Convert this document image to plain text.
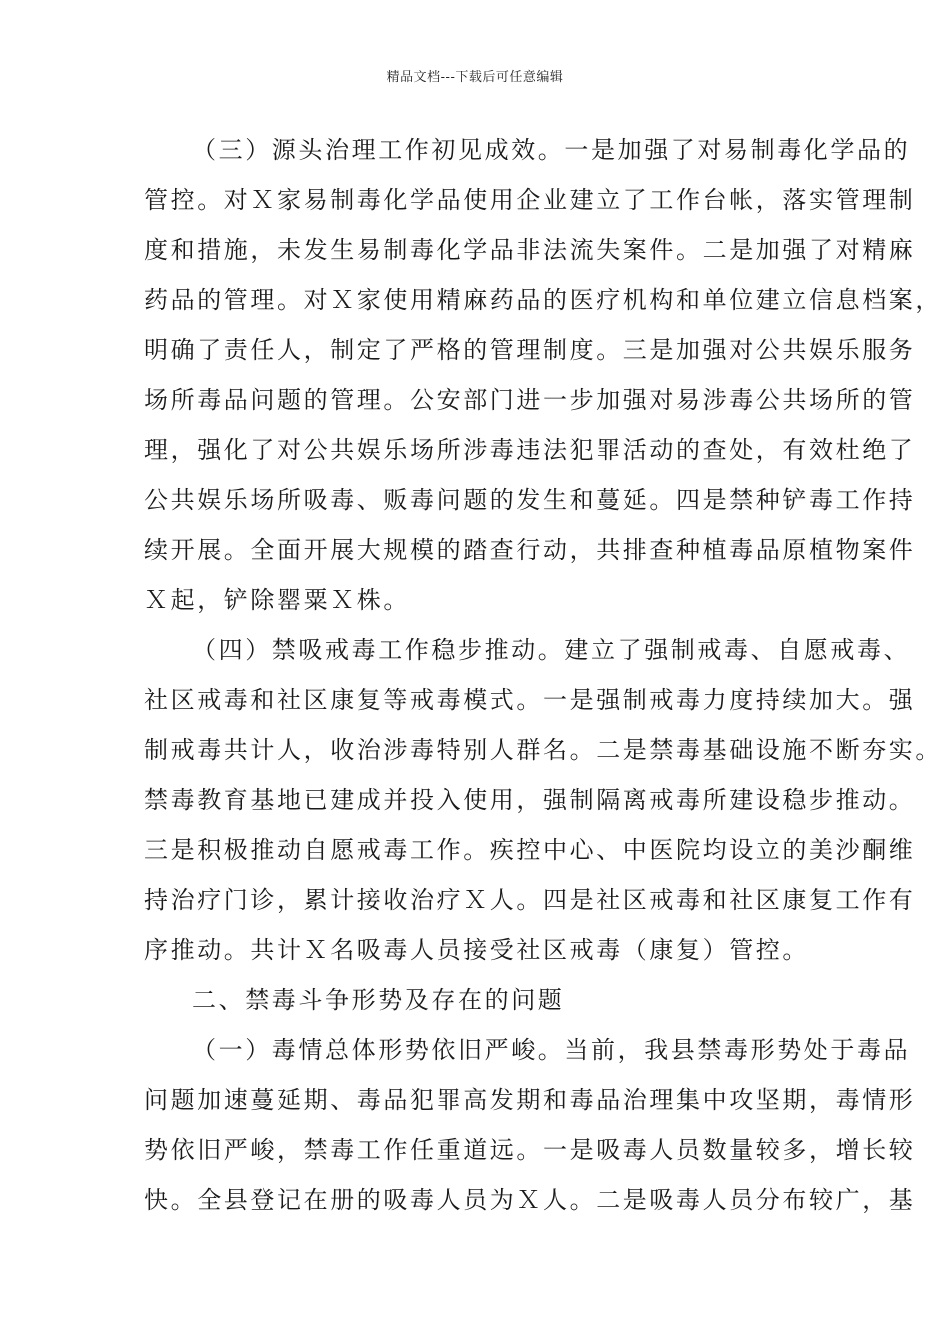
精品文档---下载后可任意编辑
（三）源头治理工作初见成效。一是加强了对易制毒化学品的
管控。对Ｘ家易制毒化学品使用企业建立了工作台帐，落实管理制
度和措施，未发生易制毒化学品非法流失案件。二是加强了对精麻
药品的管理。对Ｘ家使用精麻药品的医疗机构和单位建立信息档案，
明确了责任人，制定了严格的管理制度。三是加强对公共娱乐服务
场所毒品问题的管理。公安部门进一步加强对易涉毒公共场所的管
理，强化了对公共娱乐场所涉毒违法犯罪活动的查处，有效杜绝了
公共娱乐场所吸毒、贩毒问题的发生和蔓延。四是禁种铲毒工作持
续开展。全面开展大规模的踏查行动，共排查种植毒品原植物案件
Ｘ起，铲除罂粟Ｘ株。
（四）禁吸戒毒工作稳步推动。建立了强制戒毒、自愿戒毒、
社区戒毒和社区康复等戒毒模式。一是强制戒毒力度持续加大。强
制戒毒共计人，收治涉毒特别人群名。二是禁毒基础设施不断夯实。
禁毒教育基地已建成并投入使用，强制隔离戒毒所建设稳步推动。
三是积极推动自愿戒毒工作。疾控中心、中医院均设立的美沙酮维
持治疗门诊，累计接收治疗Ｘ人。四是社区戒毒和社区康复工作有
序推动。共计Ｘ名吸毒人员接受社区戒毒（康复）管控。
二、禁毒斗争形势及存在的问题
（一）毒情总体形势依旧严峻。当前，我县禁毒形势处于毒品
问题加速蔓延期、毒品犯罪高发期和毒品治理集中攻坚期，毒情形
势依旧严峻，禁毒工作任重道远。一是吸毒人员数量较多，增长较
快。全县登记在册的吸毒人员为Ｘ人。二是吸毒人员分布较广，基
